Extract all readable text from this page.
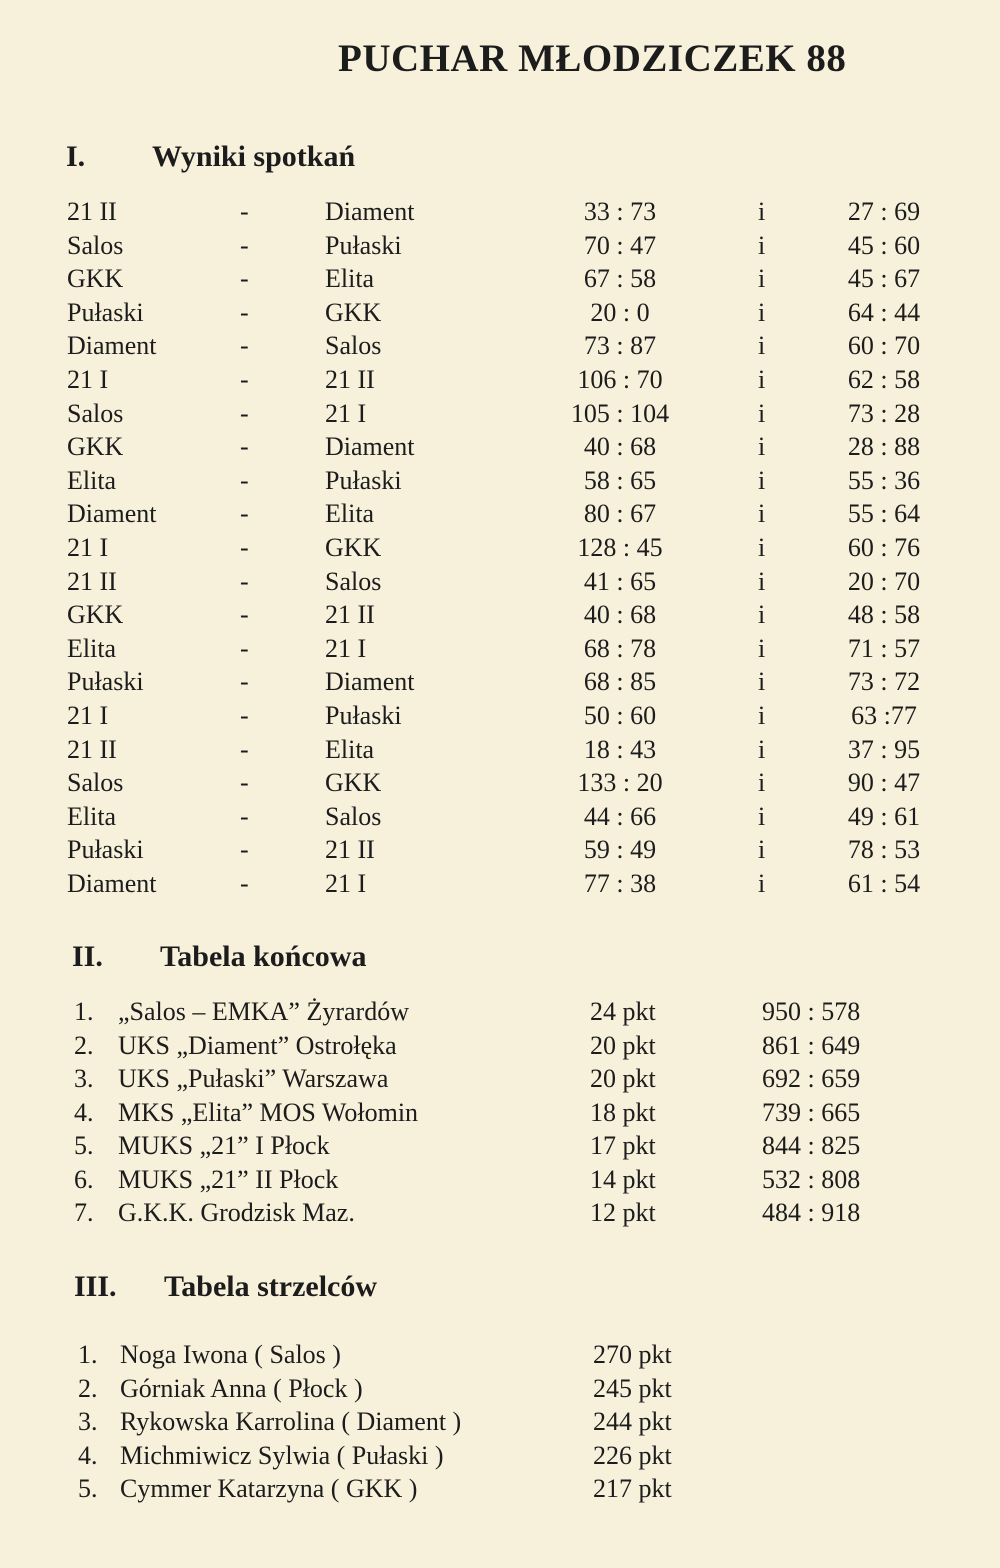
PUCHAR MŁODZICZEK 88
I. Wyniki spotkań
21 II	-	Diament	33 : 73	i	27 : 69
Salos	-	Pułaski	70 : 47	i	45 : 60
GKK	-	Elita	67 : 58	i	45 : 67
Pułaski	-	GKK	20 : 0	i	64 : 44
Diament	-	Salos	73 : 87	i	60 : 70
21 I	-	21 II	106 : 70	i	62 : 58
Salos	-	21 I	105 : 104	i	73 : 28
GKK	-	Diament	40 : 68	i	28 : 88
Elita	-	Pułaski	58 : 65	i	55 : 36
Diament	-	Elita	80 : 67	i	55 : 64
21 I	-	GKK	128 : 45	i	60 : 76
21 II	-	Salos	41 : 65	i	20 : 70
GKK	-	21 II	40 : 68	i	48 : 58
Elita	-	21 I	68 : 78	i	71 : 57
Pułaski	-	Diament	68 : 85	i	73 : 72
21 I	-	Pułaski	50 : 60	i	63 :77
21 II	-	Elita	18 : 43	i	37 : 95
Salos	-	GKK	133 : 20	i	90 : 47
Elita	-	Salos	44 : 66	i	49 : 61
Pułaski	-	21 II	59 : 49	i	78 : 53
Diament	-	21 I	77 : 38	i	61 : 54
II. Tabela końcowa
1. „Salos – EMKA” Żyrardów	24 pkt	950 : 578
2. UKS „Diament” Ostrołęka	20 pkt	861 : 649
3. UKS „Pułaski” Warszawa	20 pkt	692 : 659
4. MKS „Elita” MOS Wołomin	18 pkt	739 : 665
5. MUKS „21” I Płock	17 pkt	844 : 825
6. MUKS „21” II Płock	14 pkt	532 : 808
7. G.K.K. Grodzisk Maz.	12 pkt	484 : 918
III. Tabela strzelców
1. Noga Iwona ( Salos )	270 pkt
2. Górniak Anna ( Płock )	245 pkt
3. Rykowska Karrolina ( Diament )	244 pkt
4. Michmiwicz Sylwia ( Pułaski )	226 pkt
5. Cymmer Katarzyna ( GKK )	217 pkt
